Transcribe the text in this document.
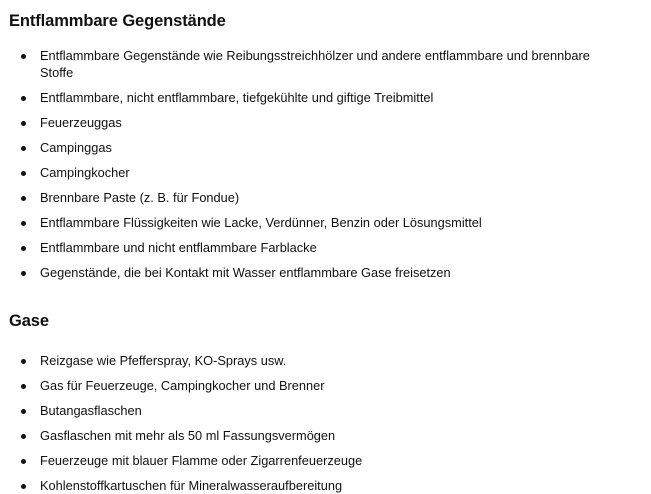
Entflammbare Gegenstände
Entflammbare Gegenstände wie Reibungsstreichhölzer und andere entflammbare und brennbare Stoffe
Entflammbare, nicht entflammbare, tiefgekühlte und giftige Treibmittel
Feuerzeuggas
Campinggas
Campingkocher
Brennbare Paste (z. B. für Fondue)
Entflammbare Flüssigkeiten wie Lacke, Verdünner, Benzin oder Lösungsmittel
Entflammbare und nicht entflammbare Farblacke
Gegenstände, die bei Kontakt mit Wasser entflammbare Gase freisetzen
Gase
Reizgase wie Pfefferspray, KO-Sprays usw.
Gas für Feuerzeuge, Campingkocher und Brenner
Butangasflaschen
Gasflaschen mit mehr als 50 ml Fassungsvermögen
Feuerzeuge mit blauer Flamme oder Zigarrenfeuerzeuge
Kohlenstoffkartuschen für Mineralwasseraufbereitung
